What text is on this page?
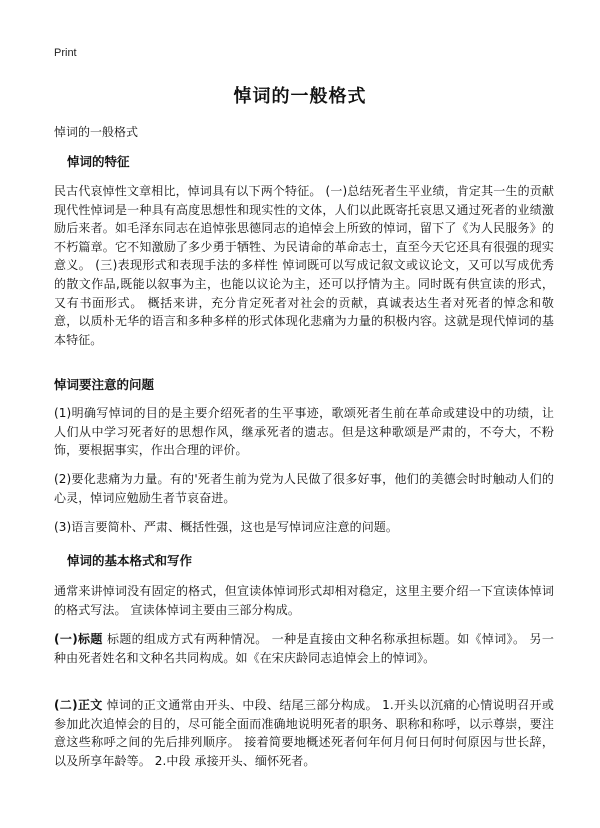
Print
悼词的一般格式
悼词的一般格式
悼词的特征
民古代哀悼性文章相比，悼词具有以下两个特征。 (一)总结死者生平业绩，肯定其一生的贡献 现代性悼词是一种具有高度思想性和现实性的文体，人们以此既寄托哀思又通过死者的业绩激励后来者。如毛泽东同志在追悼张思德同志的追悼会上所致的悼词，留下了《为人民服务》的不朽篇章。它不知激励了多少勇于牺牲、为民请命的革命志士，直至今天它还具有很强的现实意义。 (三)表现形式和表现手法的多样性 悼词既可以写成记叙文或议论文，又可以写成优秀的散文作品,既能以叙事为主，也能以议论为主，还可以抒情为主。同时既有供宣读的形式，又有书面形式。 概括来讲，充分肯定死者对社会的贡献，真诚表达生者对死者的悼念和敬意，以质朴无华的语言和多种多样的形式体现化悲痛为力量的积极内容。这就是现代悼词的基本特征。
悼词要注意的问题
(1)明确写悼词的目的是主要介绍死者的生平事迹，歌颂死者生前在革命或建设中的功绩，让人们从中学习死者好的思想作风，继承死者的遗志。但是这种歌颂是严肃的，不夸大，不粉饰，要根据事实，作出合理的评价。
(2)要化悲痛为力量。有的'死者生前为党为人民做了很多好事，他们的美德会时时触动人们的心灵，悼词应勉励生者节哀奋进。
(3)语言要简朴、严肃、概括性强，这也是写悼词应注意的问题。
悼词的基本格式和写作
通常来讲悼词没有固定的格式，但宣读体悼词形式却相对稳定，这里主要介绍一下宣读体悼词的格式写法。 宣读体悼词主要由三部分构成。
(一)标题 标题的组成方式有两种情况。 一种是直接由文种名称承担标题。如《悼词》。 另一种由死者姓名和文种名共同构成。如《在宋庆龄同志追悼会上的悼词》。
(二)正文 悼词的正文通常由开头、中段、结尾三部分构成。 1.开头以沉痛的心情说明召开或参加此次追悼会的目的，尽可能全面而准确地说明死者的职务、职称和称呼，以示尊崇，要注意这些称呼之间的先后排列顺序。 接着简要地概述死者何年何月何日何时何原因与世长辞，以及所享年龄等。 2.中段 承接开头、缅怀死者。
